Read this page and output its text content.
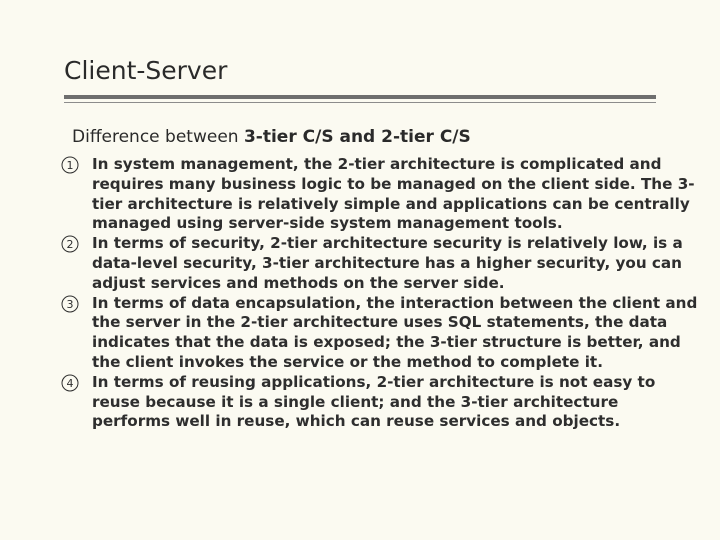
Client-Server
Difference between 3-tier C/S and 2-tier C/S
1 In system management, the 2-tier architecture is complicated and requires many business logic to be managed on the client side. The 3-tier architecture is relatively simple and applications can be centrally managed using server-side system management tools.
2 In terms of security, 2-tier architecture security is relatively low, is a data-level security, 3-tier architecture has a higher security, you can adjust services and methods on the server side.
3 In terms of data encapsulation, the interaction between the client and the server in the 2-tier architecture uses SQL statements, the data indicates that the data is exposed; the 3-tier structure is better, and the client invokes the service or the method to complete it.
4 In terms of reusing applications, 2-tier architecture is not easy to reuse because it is a single client; and the 3-tier architecture performs well in reuse, which can reuse services and objects.
